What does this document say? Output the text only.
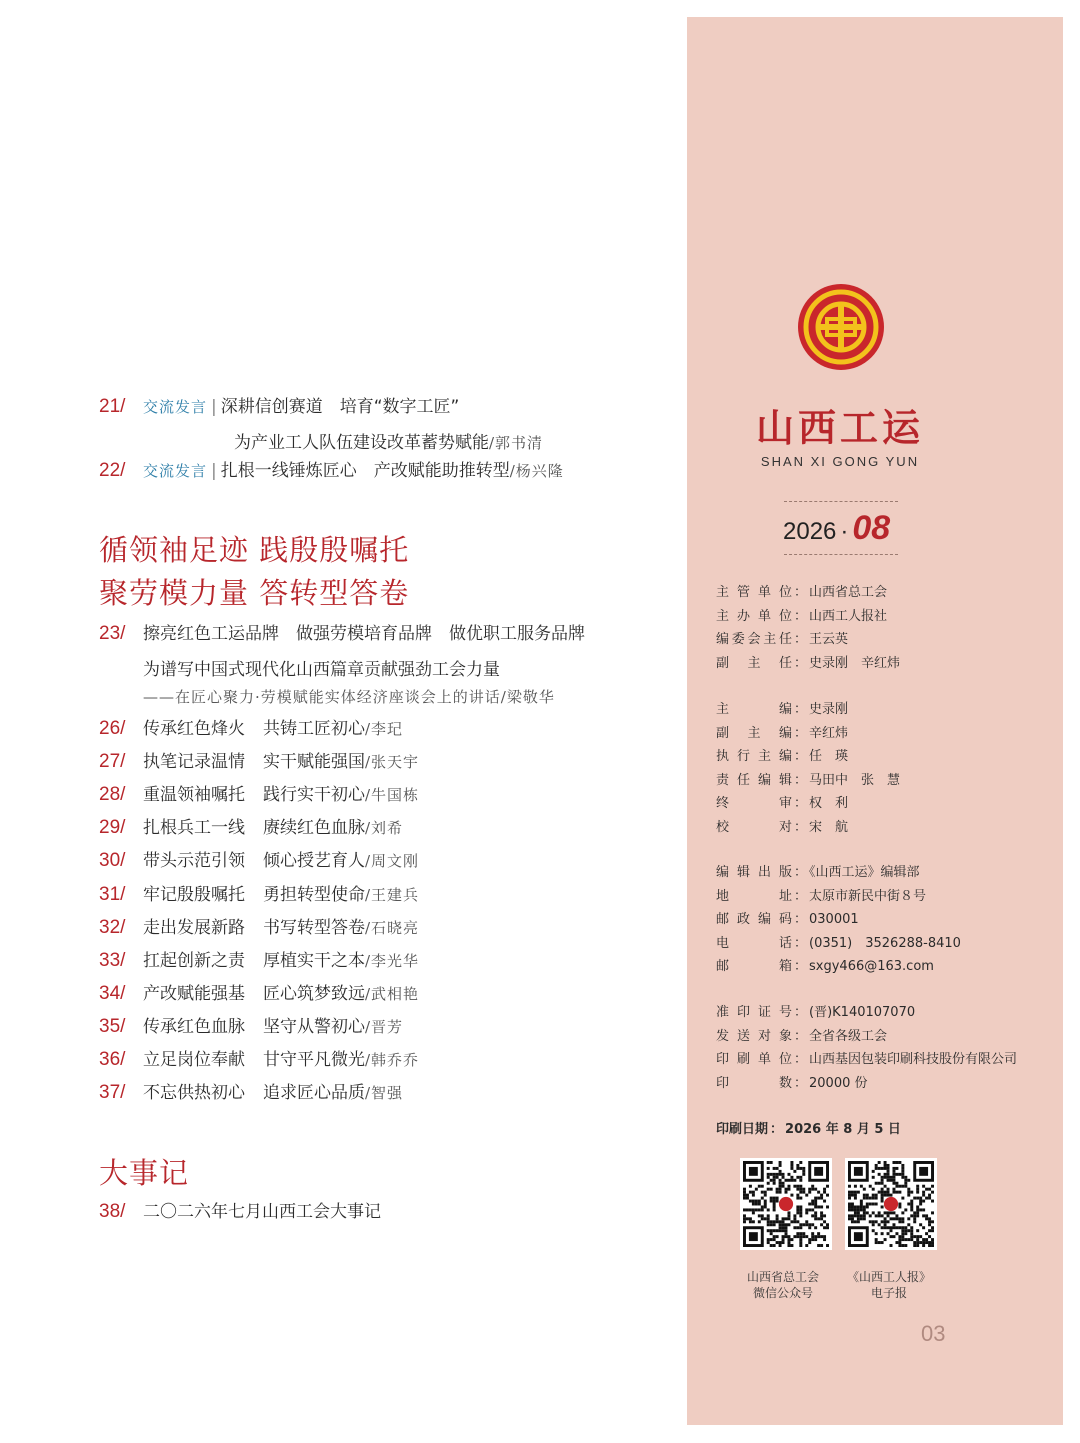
21/ 交流发言 | 深耕信创赛道　培育“数字工匠”
为产业工人队伍建设改革蓄势赋能/郭书清
22/ 交流发言 | 扎根一线锤炼匠心　产改赋能助推转型/杨兴隆
循领袖足迹 践殷殷嘱托
聚劳模力量 答转型答卷
23/ 擦亮红色工运品牌　做强劳模培育品牌　做优职工服务品牌
为谱写中国式现代化山西篇章贡献强劲工会力量
——在匠心聚力·劳模赋能实体经济座谈会上的讲话/梁敬华
26/ 传承红色烽火 共铸工匠初心/李玘
27/ 执笔记录温情 实干赋能强国/张天宇
28/ 重温领袖嘱托 践行实干初心/牛国栋
29/ 扎根兵工一线 赓续红色血脉/刘希
30/ 带头示范引领 倾心授艺育人/周文刚
31/ 牢记殷殷嘱托 勇担转型使命/王建兵
32/ 走出发展新路 书写转型答卷/石晓亮
33/ 扛起创新之责 厚植实干之本/李光华
34/ 产改赋能强基 匠心筑梦致远/武相艳
35/ 传承红色血脉 坚守从警初心/晋芳
36/ 立足岗位奉献 甘守平凡微光/韩乔乔
37/ 不忘供热初心 追求匠心品质/智强
大事记
38/ 二〇二六年七月山西工会大事记
山西工运
SHAN XI GONG YUN
2026 · 08
主管单位 ： 山西省总工会
主办单位 ： 山西工人报社
编委会主任 ： 王云英
副主任 ： 史录刚　辛红炜
主编 ： 史录刚
副主编 ： 辛红炜
执行主编 ： 任　瑛
责任编辑 ： 马田中　张　慧
终审 ： 权　利
校对 ： 宋　航
编辑出版 ： 《山西工运》编辑部
地址 ： 太原市新民中街８号
邮政编码 ： 030001
电话 ： (0351)　3526288-8410
邮箱 ： sxgy466@163.com
准印证号 ： (晋)K140107070
发送对象 ： 全省各级工会
印刷单位 ： 山西基因包装印刷科技股份有限公司
印数 ： 20000 份
印刷日期 ： 2026 年 8 月 5 日
山西省总工会
微信公众号
《山西工人报》
电子报
03
